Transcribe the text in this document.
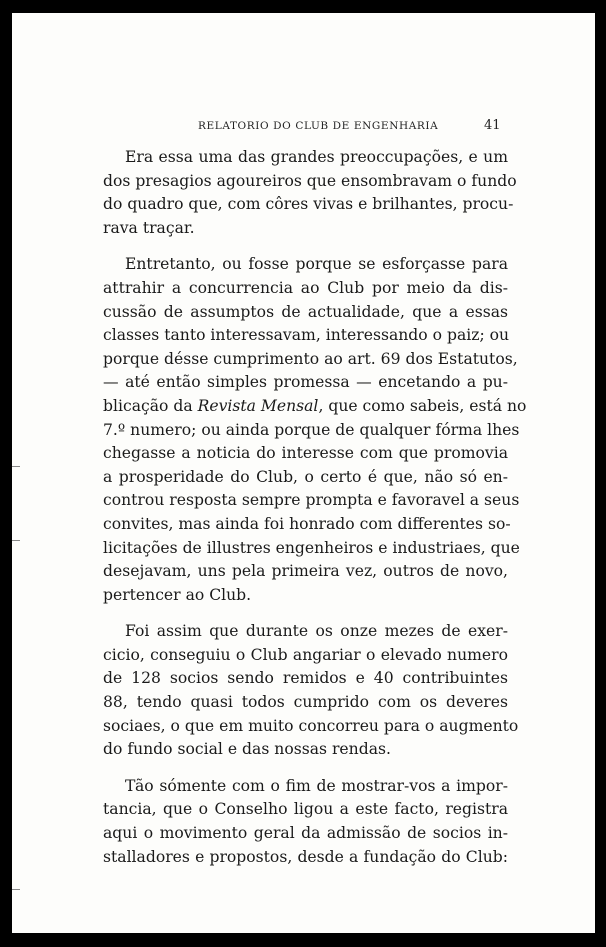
RELATORIO DO CLUB DE ENGENHARIA	41
Era essa uma das grandes preoccupações, e um
dos presagios agoureiros que ensombravam o fundo
do quadro que, com côres vivas e brilhantes, procu-
rava traçar.
Entretanto, ou fosse porque se esforçasse para
attrahir a concurrencia ao Club por meio da dis-
cussão de assumptos de actualidade, que a essas
classes tanto interessavam, interessando o paiz; ou
porque désse cumprimento ao art. 69 dos Estatutos,
— até então simples promessa — encetando a pu-
blicação da Revista Mensal, que como sabeis, está no
7.º numero; ou ainda porque de qualquer fórma lhes
chegasse a noticia do interesse com que promovia
a prosperidade do Club, o certo é que, não só en-
controu resposta sempre prompta e favoravel a seus
convites, mas ainda foi honrado com differentes so-
licitações de illustres engenheiros e industriaes, que
desejavam, uns pela primeira vez, outros de novo,
pertencer ao Club.
Foi assim que durante os onze mezes de exer-
cicio, conseguiu o Club angariar o elevado numero
de 128 socios sendo remidos e 40 contribuintes
88, tendo quasi todos cumprido com os deveres
sociaes, o que em muito concorreu para o augmento
do fundo social e das nossas rendas.
Tão sómente com o fim de mostrar-vos a impor-
tancia, que o Conselho ligou a este facto, registra
aqui o movimento geral da admissão de socios in-
stalladores e propostos, desde a fundação do Club:
